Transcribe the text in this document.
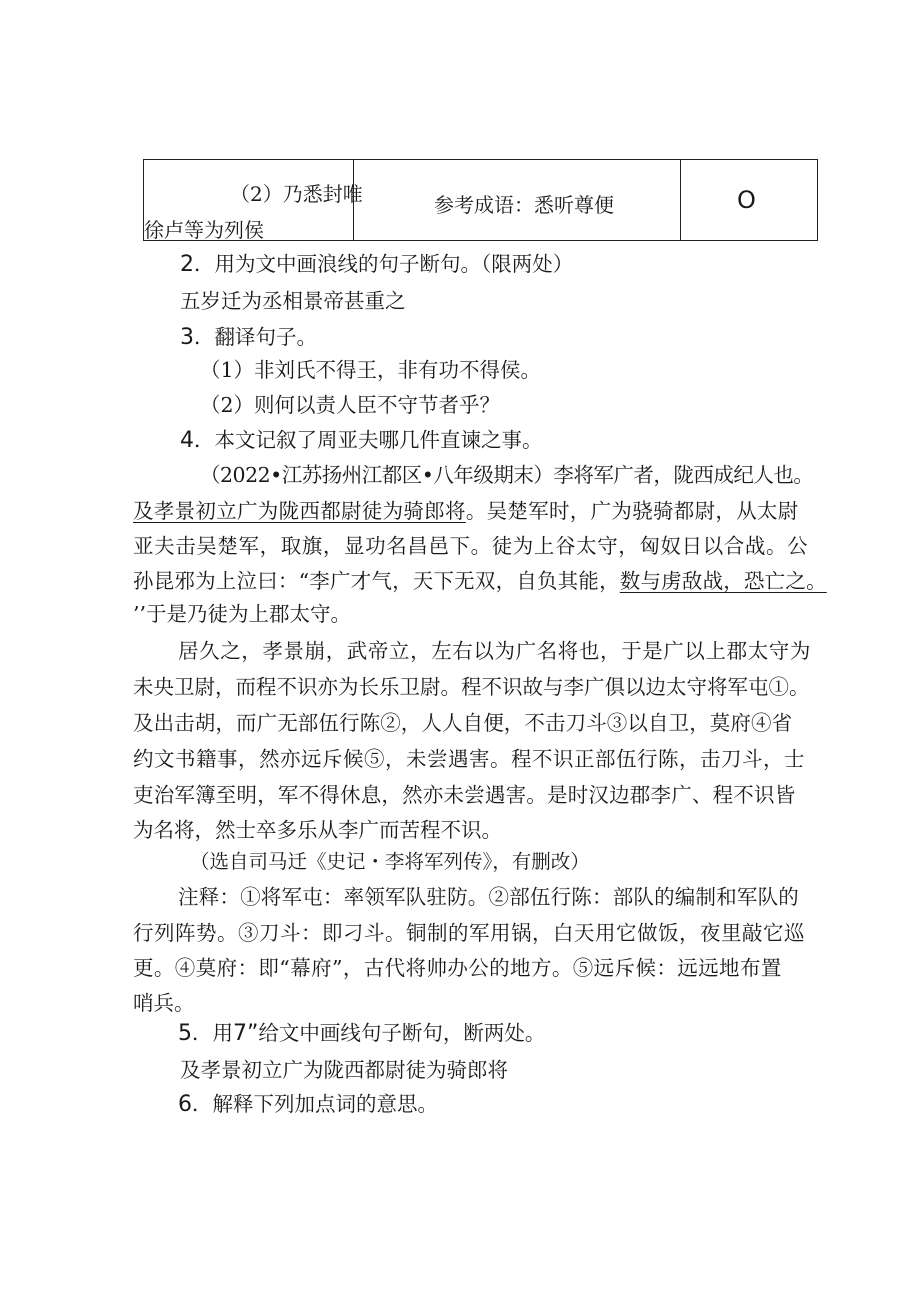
（2）乃悉封唯
徐卢等为列侯
参考成语：悉听尊便	O
2．用为文中画浪线的句子断句。（限两处）
五岁迁为丞相景帝甚重之
3．翻译句子。
（1）非刘氏不得王，非有功不得侯。
（2）则何以责人臣不守节者乎？
4．本文记叙了周亚夫哪几件直谏之事。
（2022•江苏扬州江都区•八年级期末）李将军广者，陇西成纪人也。
及孝景初立广为陇西都尉徒为骑郎将。吴楚军时，广为骁骑都尉，从太尉
亚夫击吴楚军，取旗，显功名昌邑下。徒为上谷太守，匈奴日以合战。公
孙昆邪为上泣曰：“李广才气，天下无双，自负其能，数与虏敌战，恐亡之。
’’于是乃徒为上郡太守。
居久之，孝景崩，武帝立，左右以为广名将也，于是广以上郡太守为
未央卫尉，而程不识亦为长乐卫尉。程不识故与李广俱以边太守将军屯①。
及出击胡，而广无部伍行陈②，人人自便，不击刀斗③以自卫，莫府④省
约文书籍事，然亦远斥候⑤，未尝遇害。程不识正部伍行陈，击刀斗，士
吏治军簿至明，军不得休息，然亦未尝遇害。是时汉边郡李广、程不识皆
为名将，然士卒多乐从李广而苦程不识。
（选自司马迁《史记・李将军列传》，有删改）
注释：①将军屯：率领军队驻防。②部伍行陈：部队的编制和军队的
行列阵势。③刀斗：即刁斗。铜制的军用锅，白天用它做饭，夜里敲它巡
更。④莫府：即“幕府”，古代将帅办公的地方。⑤远斥候：远远地布置
哨兵。
5．用7”给文中画线句子断句，断两处。
及孝景初立广为陇西都尉徒为骑郎将
6．解释下列加点词的意思。
